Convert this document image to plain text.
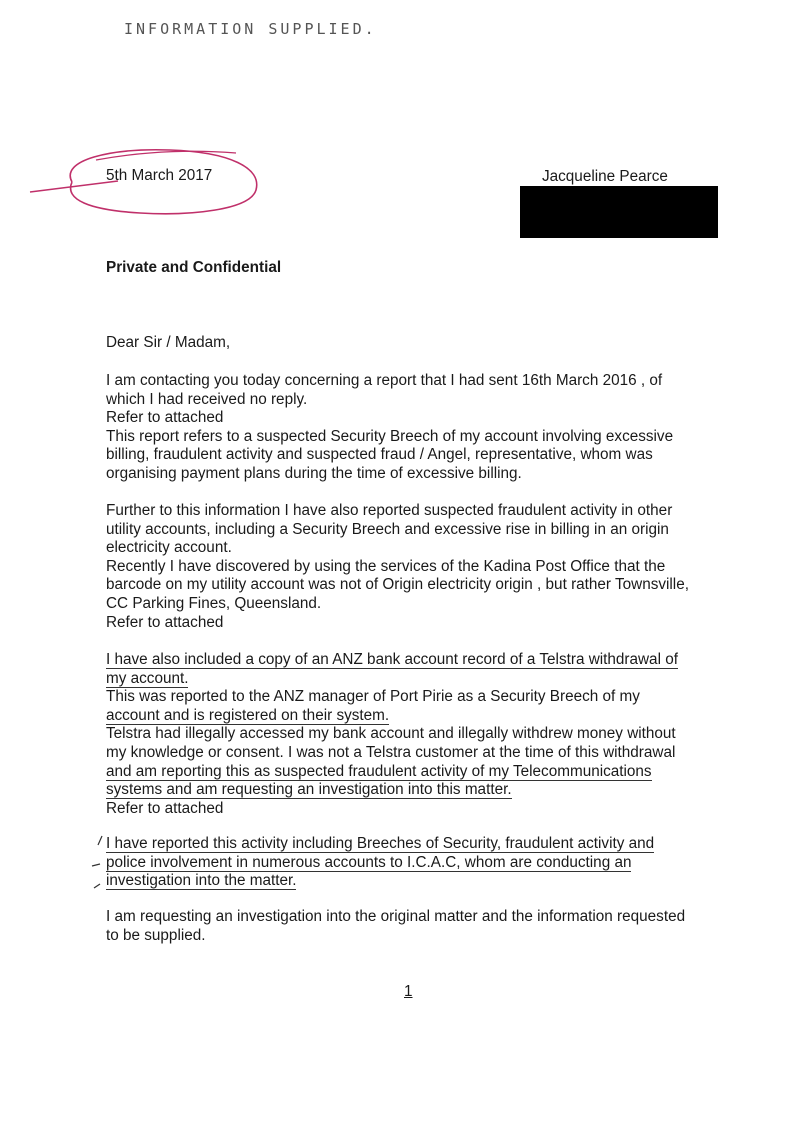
INFORMATION SUPPLIED.
5th March 2017	Jacqueline Pearce
Private and Confidential
Dear Sir / Madam,
I am contacting you today concerning a report that I had sent 16th March 2016 , of
which I had received no reply.
Refer to attached
This report refers to a suspected Security Breech of my account involving excessive
billing, fraudulent activity and suspected fraud / Angel, representative, whom was
organising payment plans during the time of excessive billing.
Further to this information I have also reported suspected fraudulent activity in other
utility accounts, including a Security Breech and excessive rise in billing in an origin
electricity account.
Recently I have discovered by using the services of the Kadina Post Office that the
barcode on my utility account was not of Origin electricity origin , but rather Townsville,
CC Parking Fines, Queensland.
Refer to attached
I have also included a copy of an ANZ bank account record of a Telstra withdrawal of
my account.
This was reported to the ANZ manager of Port Pirie as a Security Breech of my
account and is registered on their system.
Telstra had illegally accessed my bank account and illegally withdrew money without
my knowledge or consent. I was not a Telstra customer at the time of this withdrawal
and am reporting this as suspected fraudulent activity of my Telecommunications
systems and am requesting an investigation into this matter.
Refer to attached
I have reported this activity including Breeches of Security, fraudulent activity and
police involvement in numerous accounts to I.C.A.C, whom are conducting an
investigation into the matter.
I am requesting an investigation into the original matter and the information requested
to be supplied.
1
